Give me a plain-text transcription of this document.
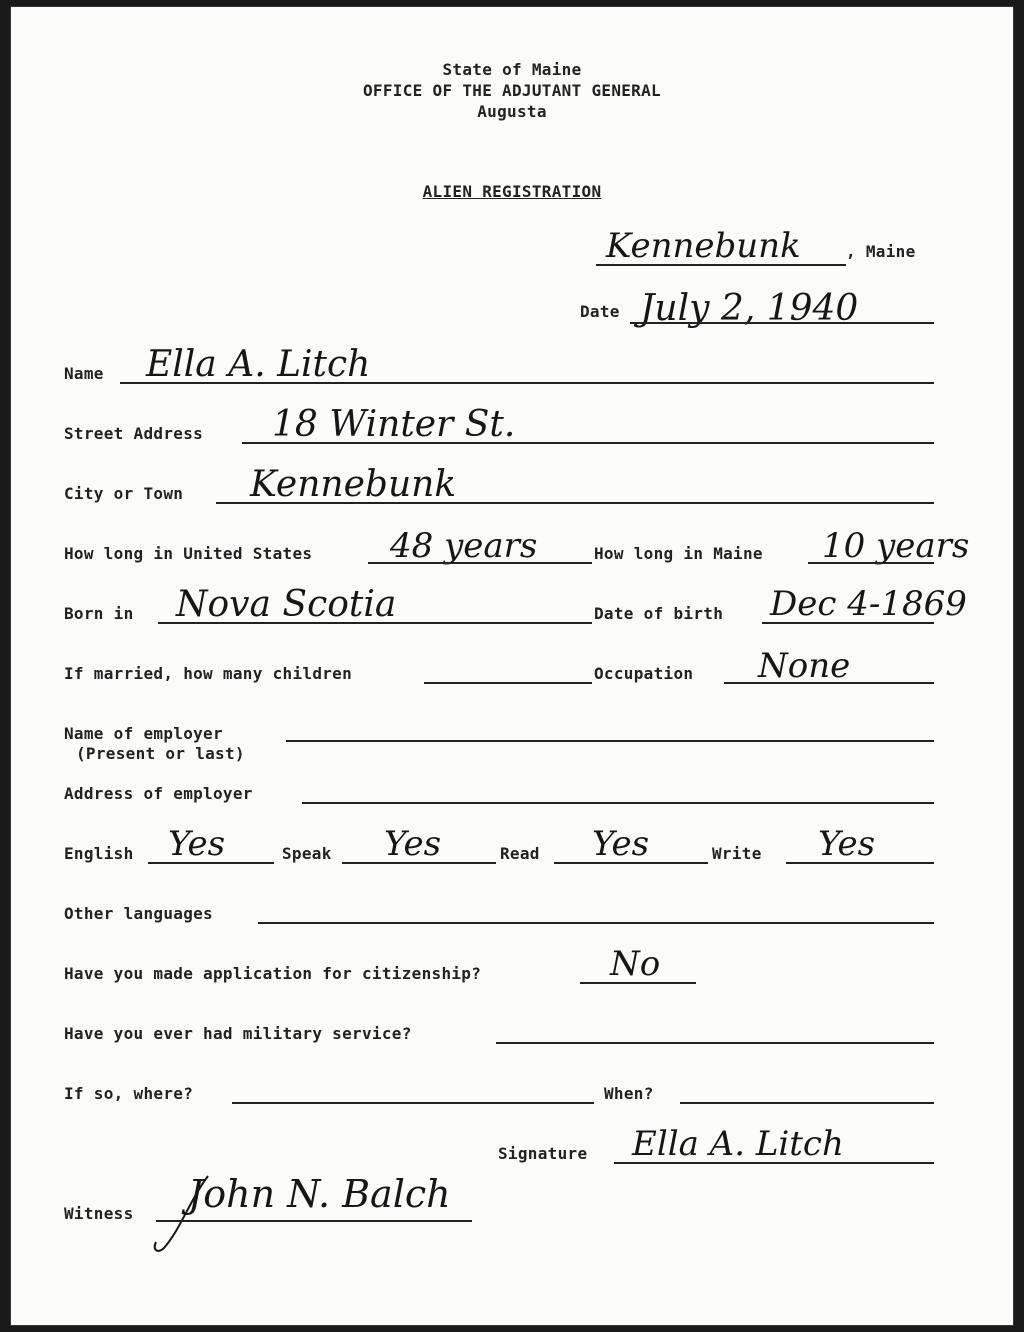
State of Maine
OFFICE OF THE ADJUTANT GENERAL
Augusta
ALIEN REGISTRATION
Kennebunk	, Maine
Date July 2, 1940
Name Ella A. Litch
Street Address 18 Winter St.
City or Town Kennebunk
How long in United States 48 years	How long in Maine 10 years
Born in Nova Scotia	Date of birth Dec 4-1869
If married, how many children	Occupation None
Name of employer
(Present or last)
Address of employer
English Yes	Speak Yes	Read Yes	Write Yes
Other languages
Have you made application for citizenship?	No
Have you ever had military service?
If so, where?	When?
Signature Ella A. Litch
Witness John N. Balch
